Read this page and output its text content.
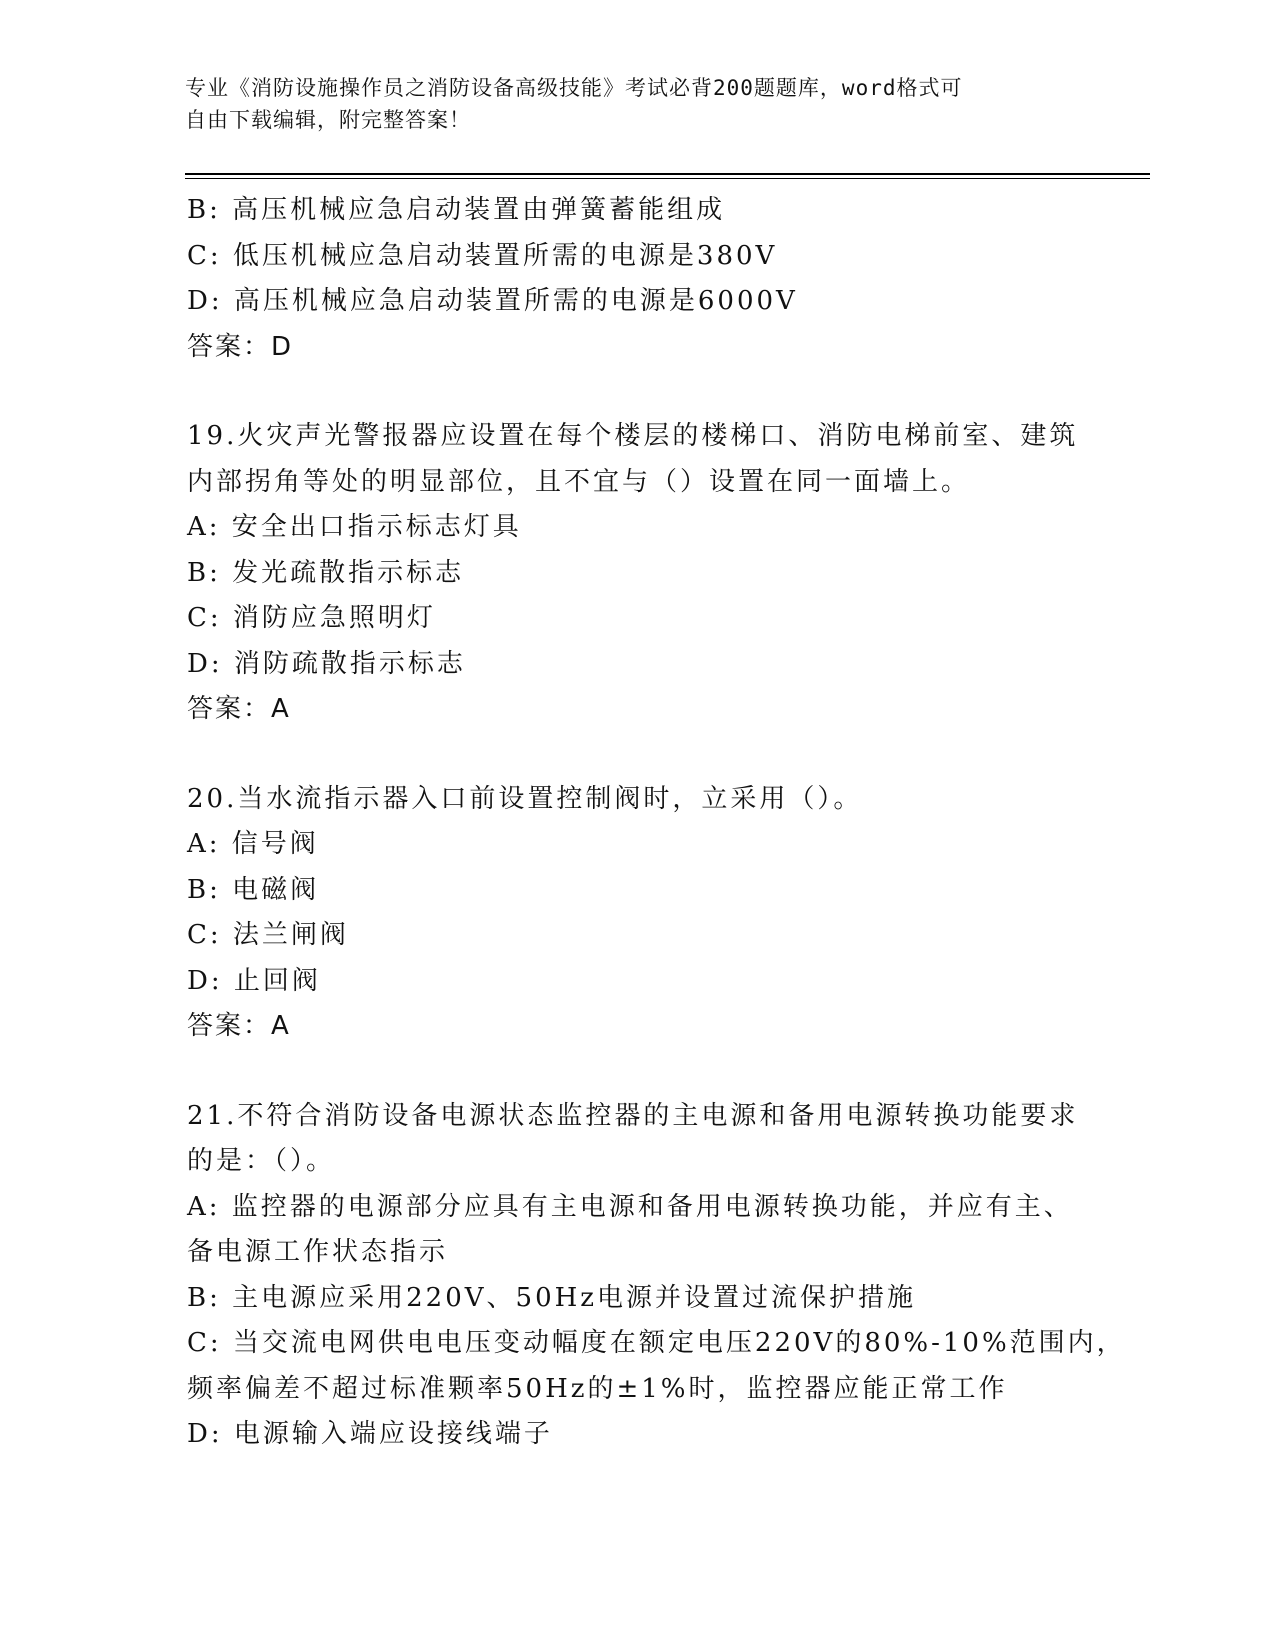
专业《消防设施操作员之消防设备高级技能》考试必背200题题库，word格式可
自由下载编辑，附完整答案！
B: 高压机械应急启动装置由弹簧蓄能组成
C: 低压机械应急启动装置所需的电源是380V
D: 高压机械应急启动装置所需的电源是6000V
答案：D
19.火灾声光警报器应设置在每个楼层的楼梯口、消防电梯前室、建筑
内部拐角等处的明显部位，且不宜与（）设置在同一面墙上。
A: 安全出口指示标志灯具
B: 发光疏散指示标志
C: 消防应急照明灯
D: 消防疏散指示标志
答案：A
20.当水流指示器入口前设置控制阀时，立采用（）。
A: 信号阀
B: 电磁阀
C: 法兰闸阀
D: 止回阀
答案：A
21.不符合消防设备电源状态监控器的主电源和备用电源转换功能要求
的是：（）。
A: 监控器的电源部分应具有主电源和备用电源转换功能，并应有主、
备电源工作状态指示
B: 主电源应采用220V、50Hz电源并设置过流保护措施
C: 当交流电网供电电压变动幅度在额定电压220V的80%-10%范围内，
频率偏差不超过标准颗率50Hz的±1%时，监控器应能正常工作
D: 电源输入端应设接线端子
